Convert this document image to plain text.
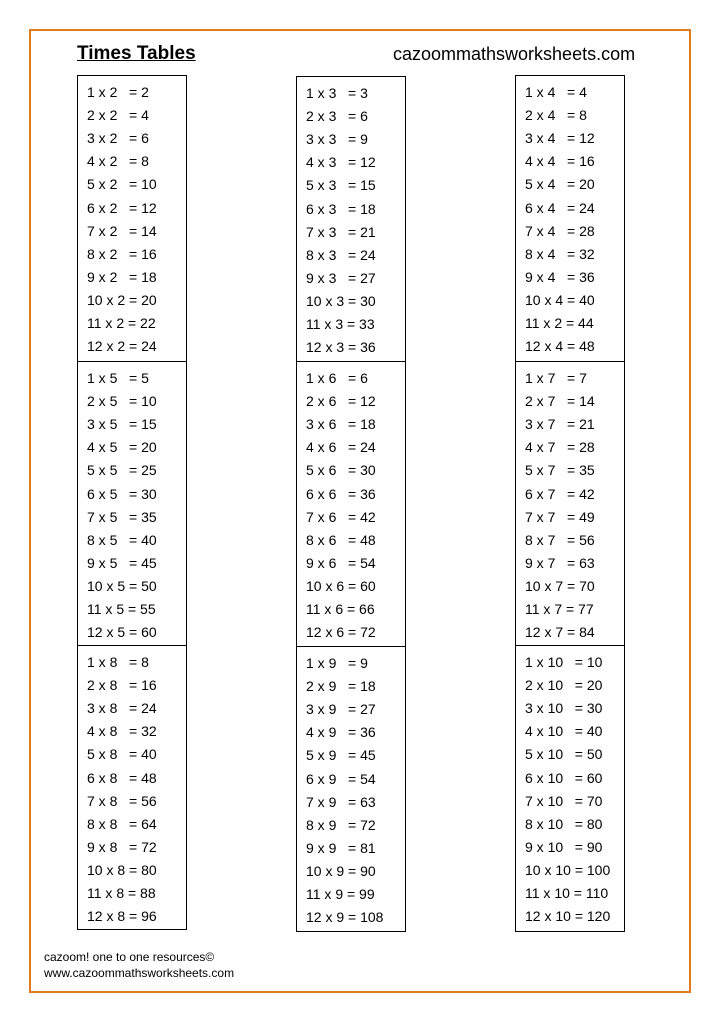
Times Tables	cazoommathsworksheets.com
1 x 2   = 2
2 x 2   = 4
3 x 2   = 6
4 x 2   = 8
5 x 2   = 10
6 x 2   = 12
7 x 2   = 14
8 x 2   = 16
9 x 2   = 18
10 x 2 = 20
11 x 2 = 22
12 x 2 = 24
1 x 3   = 3
2 x 3   = 6
3 x 3   = 9
4 x 3   = 12
5 x 3   = 15
6 x 3   = 18
7 x 3   = 21
8 x 3   = 24
9 x 3   = 27
10 x 3 = 30
11 x 3 = 33
12 x 3 = 36
1 x 4   = 4
2 x 4   = 8
3 x 4   = 12
4 x 4   = 16
5 x 4   = 20
6 x 4   = 24
7 x 4   = 28
8 x 4   = 32
9 x 4   = 36
10 x 4 = 40
11 x 2 = 44
12 x 4 = 48
1 x 5   = 5
2 x 5   = 10
3 x 5   = 15
4 x 5   = 20
5 x 5   = 25
6 x 5   = 30
7 x 5   = 35
8 x 5   = 40
9 x 5   = 45
10 x 5 = 50
11 x 5 = 55
12 x 5 = 60
1 x 6   = 6
2 x 6   = 12
3 x 6   = 18
4 x 6   = 24
5 x 6   = 30
6 x 6   = 36
7 x 6   = 42
8 x 6   = 48
9 x 6   = 54
10 x 6 = 60
11 x 6 = 66
12 x 6 = 72
1 x 7   = 7
2 x 7   = 14
3 x 7   = 21
4 x 7   = 28
5 x 7   = 35
6 x 7   = 42
7 x 7   = 49
8 x 7   = 56
9 x 7   = 63
10 x 7 = 70
11 x 7 = 77
12 x 7 = 84
1 x 8   = 8
2 x 8   = 16
3 x 8   = 24
4 x 8   = 32
5 x 8   = 40
6 x 8   = 48
7 x 8   = 56
8 x 8   = 64
9 x 8   = 72
10 x 8 = 80
11 x 8 = 88
12 x 8 = 96
1 x 9   = 9
2 x 9   = 18
3 x 9   = 27
4 x 9   = 36
5 x 9   = 45
6 x 9   = 54
7 x 9   = 63
8 x 9   = 72
9 x 9   = 81
10 x 9 = 90
11 x 9 = 99
12 x 9 = 108
1 x 10   = 10
2 x 10   = 20
3 x 10   = 30
4 x 10   = 40
5 x 10   = 50
6 x 10   = 60
7 x 10   = 70
8 x 10   = 80
9 x 10   = 90
10 x 10 = 100
11 x 10 = 110
12 x 10 = 120
cazoom! one to one resources©
www.cazoommathsworksheets.com
